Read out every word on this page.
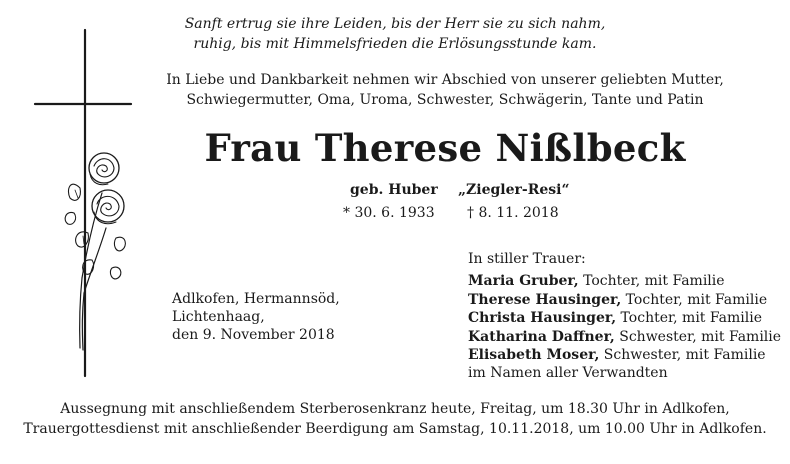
Sanft ertrug sie ihre Leiden, bis der Herr sie zu sich nahm,

ruhig, bis mit Himmelsfrieden die Erlösungsstunde kam.

In Liebe und Dankbarkeit nehmen wir Abschied von unserer geliebten Mutter,

Schwiegermutter, Oma, Uroma, Schwester, Schwägerin, Tante und Patin

Frau Therese Nißlbeck
geb. Huber „Ziegler-Resi“
* 30. 6. 1933 † 8. 11. 2018

Adlkofen, Hermannsöd,

Lichtenhaag,

den 9. November 2018

In stiller Trauer:

Maria Gruber, Tochter, mit Familie

Therese Hausinger, Tochter, mit Familie

Christa Hausinger, Tochter, mit Familie

Katharina Daffner, Schwester, mit Familie

Elisabeth Moser, Schwester, mit Familie

im Namen aller Verwandten

Aussegnung mit anschließendem Sterberosenkranz heute, Freitag, um 18.30 Uhr in Adlkofen,

Trauergottesdienst mit anschließender Beerdigung am Samstag, 10.11.2018, um 10.00 Uhr in Adlkofen.
